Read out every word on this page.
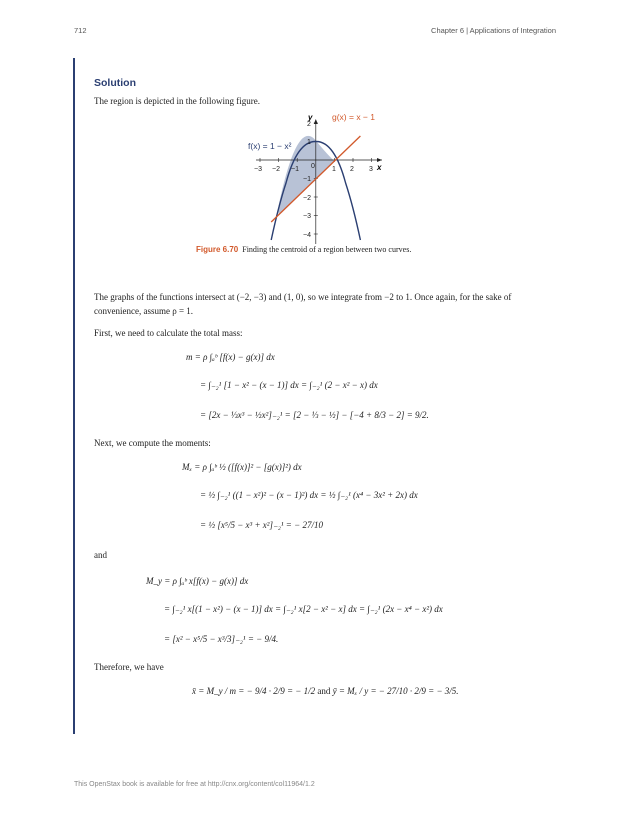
712	Chapter 6 | Applications of Integration
Solution
The region is depicted in the following figure.
y
x
−3 −2 −1 0 1 2 3
2
1
−1
−2
−3
−4
f(x) = 1 − x²
g(x) = x − 1
Figure 6.70 Finding the centroid of a region between two curves.
The graphs of the functions intersect at (−2, −3) and (1, 0), so we integrate from −2 to 1. Once again, for the sake of convenience, assume ρ = 1.
First, we need to calculate the total mass:
m = ρ ∫ₐᵇ [f(x) − g(x)] dx
= ∫₋₂¹ [1 − x² − (x − 1)] dx = ∫₋₂¹ (2 − x² − x) dx
= [2x − ⅓x³ − ½x²]₋₂¹ = [2 − ⅓ − ½] − [−4 + 8/3 − 2] = 9/2.
Next, we compute the moments:
Mₓ = ρ ∫ₐᵇ ½ ([f(x)]² − [g(x)]²) dx
= ½ ∫₋₂¹ ((1 − x²)² − (x − 1)²) dx = ½ ∫₋₂¹ (x⁴ − 3x² + 2x) dx
= ½ [x⁵/5 − x³ + x²]₋₂¹ = − 27/10
and
M_y = ρ ∫ₐᵇ x[f(x) − g(x)] dx
= ∫₋₂¹ x[(1 − x²) − (x − 1)] dx = ∫₋₂¹ x[2 − x² − x] dx = ∫₋₂¹ (2x − x⁴ − x²) dx
= [x² − x⁵/5 − x³/3]₋₂¹ = − 9/4.
Therefore, we have
x̄ = M_y / m = − 9/4 · 2/9 = − 1/2 and ȳ = Mₓ / y = − 27/10 · 2/9 = − 3/5.
This OpenStax book is available for free at http://cnx.org/content/col11964/1.2
